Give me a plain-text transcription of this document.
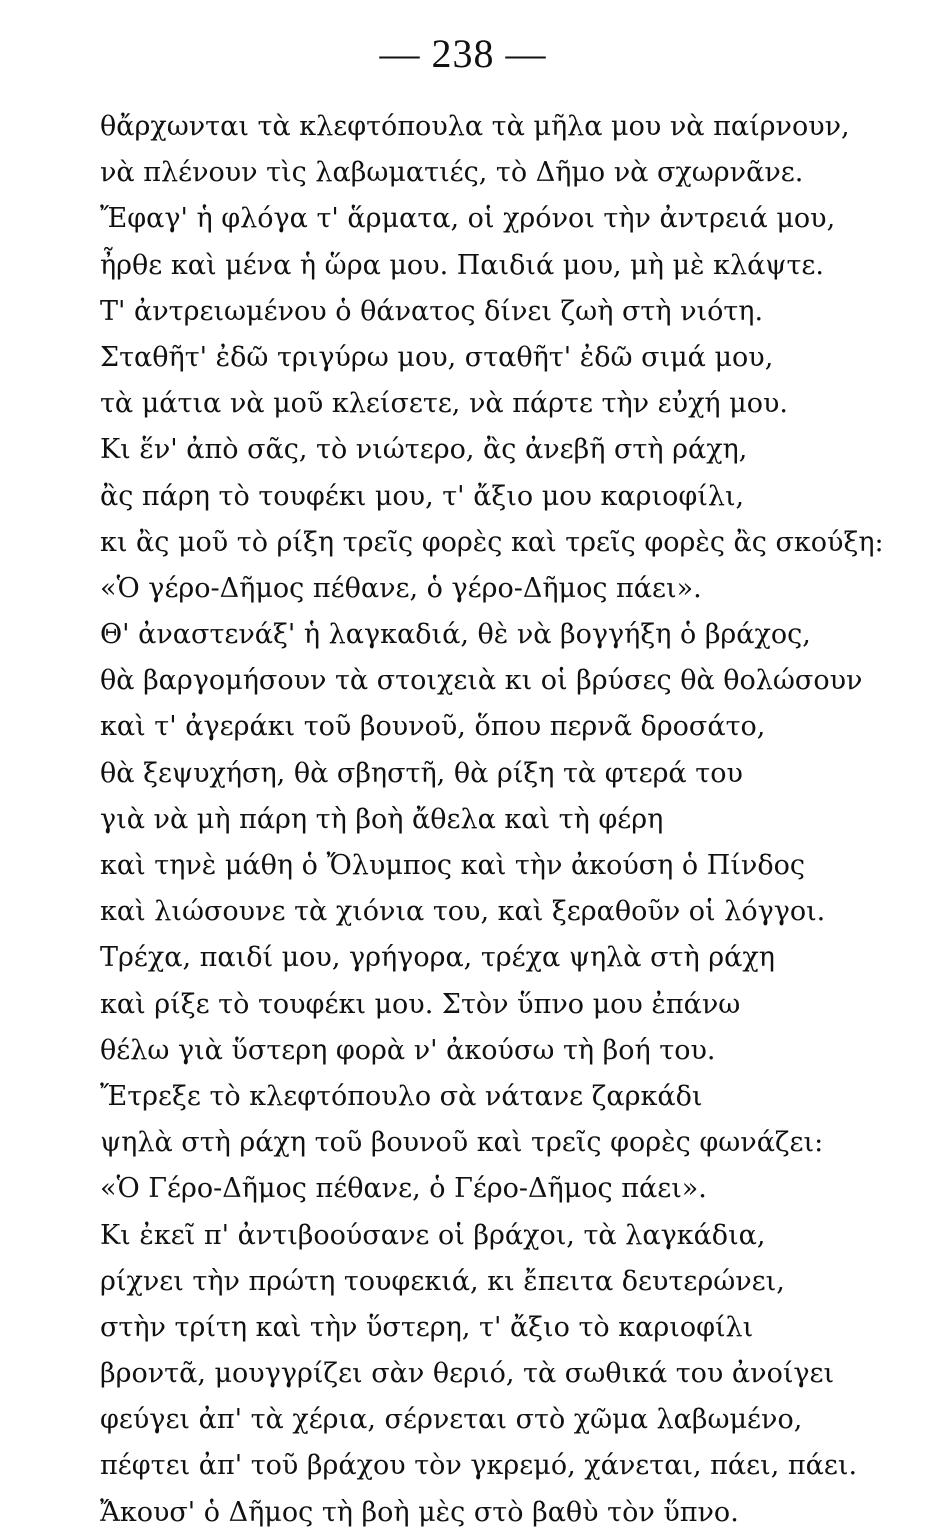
— 238 —
θἄρχωνται τὰ κλεφτόπουλα τὰ μῆλα μου νὰ παίρνουν,
νὰ πλένουν τὶς λαβωματιές, τὸ Δῆμο νὰ σχωρνᾶνε.
Ἔφαγ' ἡ φλόγα τ' ἅρματα, οἱ χρόνοι τὴν ἀντρειά μου,
ἦρθε καὶ μένα ἡ ὥρα μου. Παιδιά μου, μὴ μὲ κλάψτε.
Τ' ἀντρειωμένου ὁ θάνατος δίνει ζωὴ στὴ νιότη.
Σταθῆτ' ἐδῶ τριγύρω μου, σταθῆτ' ἐδῶ σιμά μου,
τὰ μάτια νὰ μοῦ κλείσετε, νὰ πάρτε τὴν εὐχή μου.
Κι ἕν' ἀπὸ σᾶς, τὸ νιώτερο, ἂς ἀνεβῆ στὴ ράχη,
ἂς πάρη τὸ τουφέκι μου, τ' ἄξιο μου καριοφίλι,
κι ἂς μοῦ τὸ ρίξη τρεῖς φορὲς καὶ τρεῖς φορὲς ἂς σκούξη:
«Ὁ γέρο-Δῆμος πέθανε, ὁ γέρο-Δῆμος πάει».
Θ' ἀναστενάξ' ἡ λαγκαδιά, θὲ νὰ βογγήξη ὁ βράχος,
θὰ βαργομήσουν τὰ στοιχειὰ κι οἱ βρύσες θὰ θολώσουν
καὶ τ' ἀγεράκι τοῦ βουνοῦ, ὅπου περνᾶ δροσάτο,
θὰ ξεψυχήση, θὰ σβηστῆ, θὰ ρίξη τὰ φτερά του
γιὰ νὰ μὴ πάρη τὴ βοὴ ἄθελα καὶ τὴ φέρη
καὶ τηνὲ μάθη ὁ Ὄλυμπος καὶ τὴν ἀκούση ὁ Πίνδος
καὶ λιώσουνε τὰ χιόνια του, καὶ ξεραθοῦν οἱ λόγγοι.
Τρέχα, παιδί μου, γρήγορα, τρέχα ψηλὰ στὴ ράχη
καὶ ρίξε τὸ τουφέκι μου. Στὸν ὕπνο μου ἐπάνω
θέλω γιὰ ὕστερη φορὰ ν' ἀκούσω τὴ βοή του.
Ἔτρεξε τὸ κλεφτόπουλο σὰ νάτανε ζαρκάδι
ψηλὰ στὴ ράχη τοῦ βουνοῦ καὶ τρεῖς φορὲς φωνάζει:
«Ὁ Γέρο-Δῆμος πέθανε, ὁ Γέρο-Δῆμος πάει».
Κι ἐκεῖ π' ἀντιβοούσανε οἱ βράχοι, τὰ λαγκάδια,
ρίχνει τὴν πρώτη τουφεκιά, κι ἔπειτα δευτερώνει,
στὴν τρίτη καὶ τὴν ὕστερη, τ' ἄξιο τὸ καριοφίλι
βροντᾶ, μουγγρίζει σὰν θεριό, τὰ σωθικά του ἀνοίγει
φεύγει ἀπ' τὰ χέρια, σέρνεται στὸ χῶμα λαβωμένο,
πέφτει ἀπ' τοῦ βράχου τὸν γκρεμό, χάνεται, πάει, πάει.
Ἄκουσ' ὁ Δῆμος τὴ βοὴ μὲς στὸ βαθὺ τὸν ὕπνο.
